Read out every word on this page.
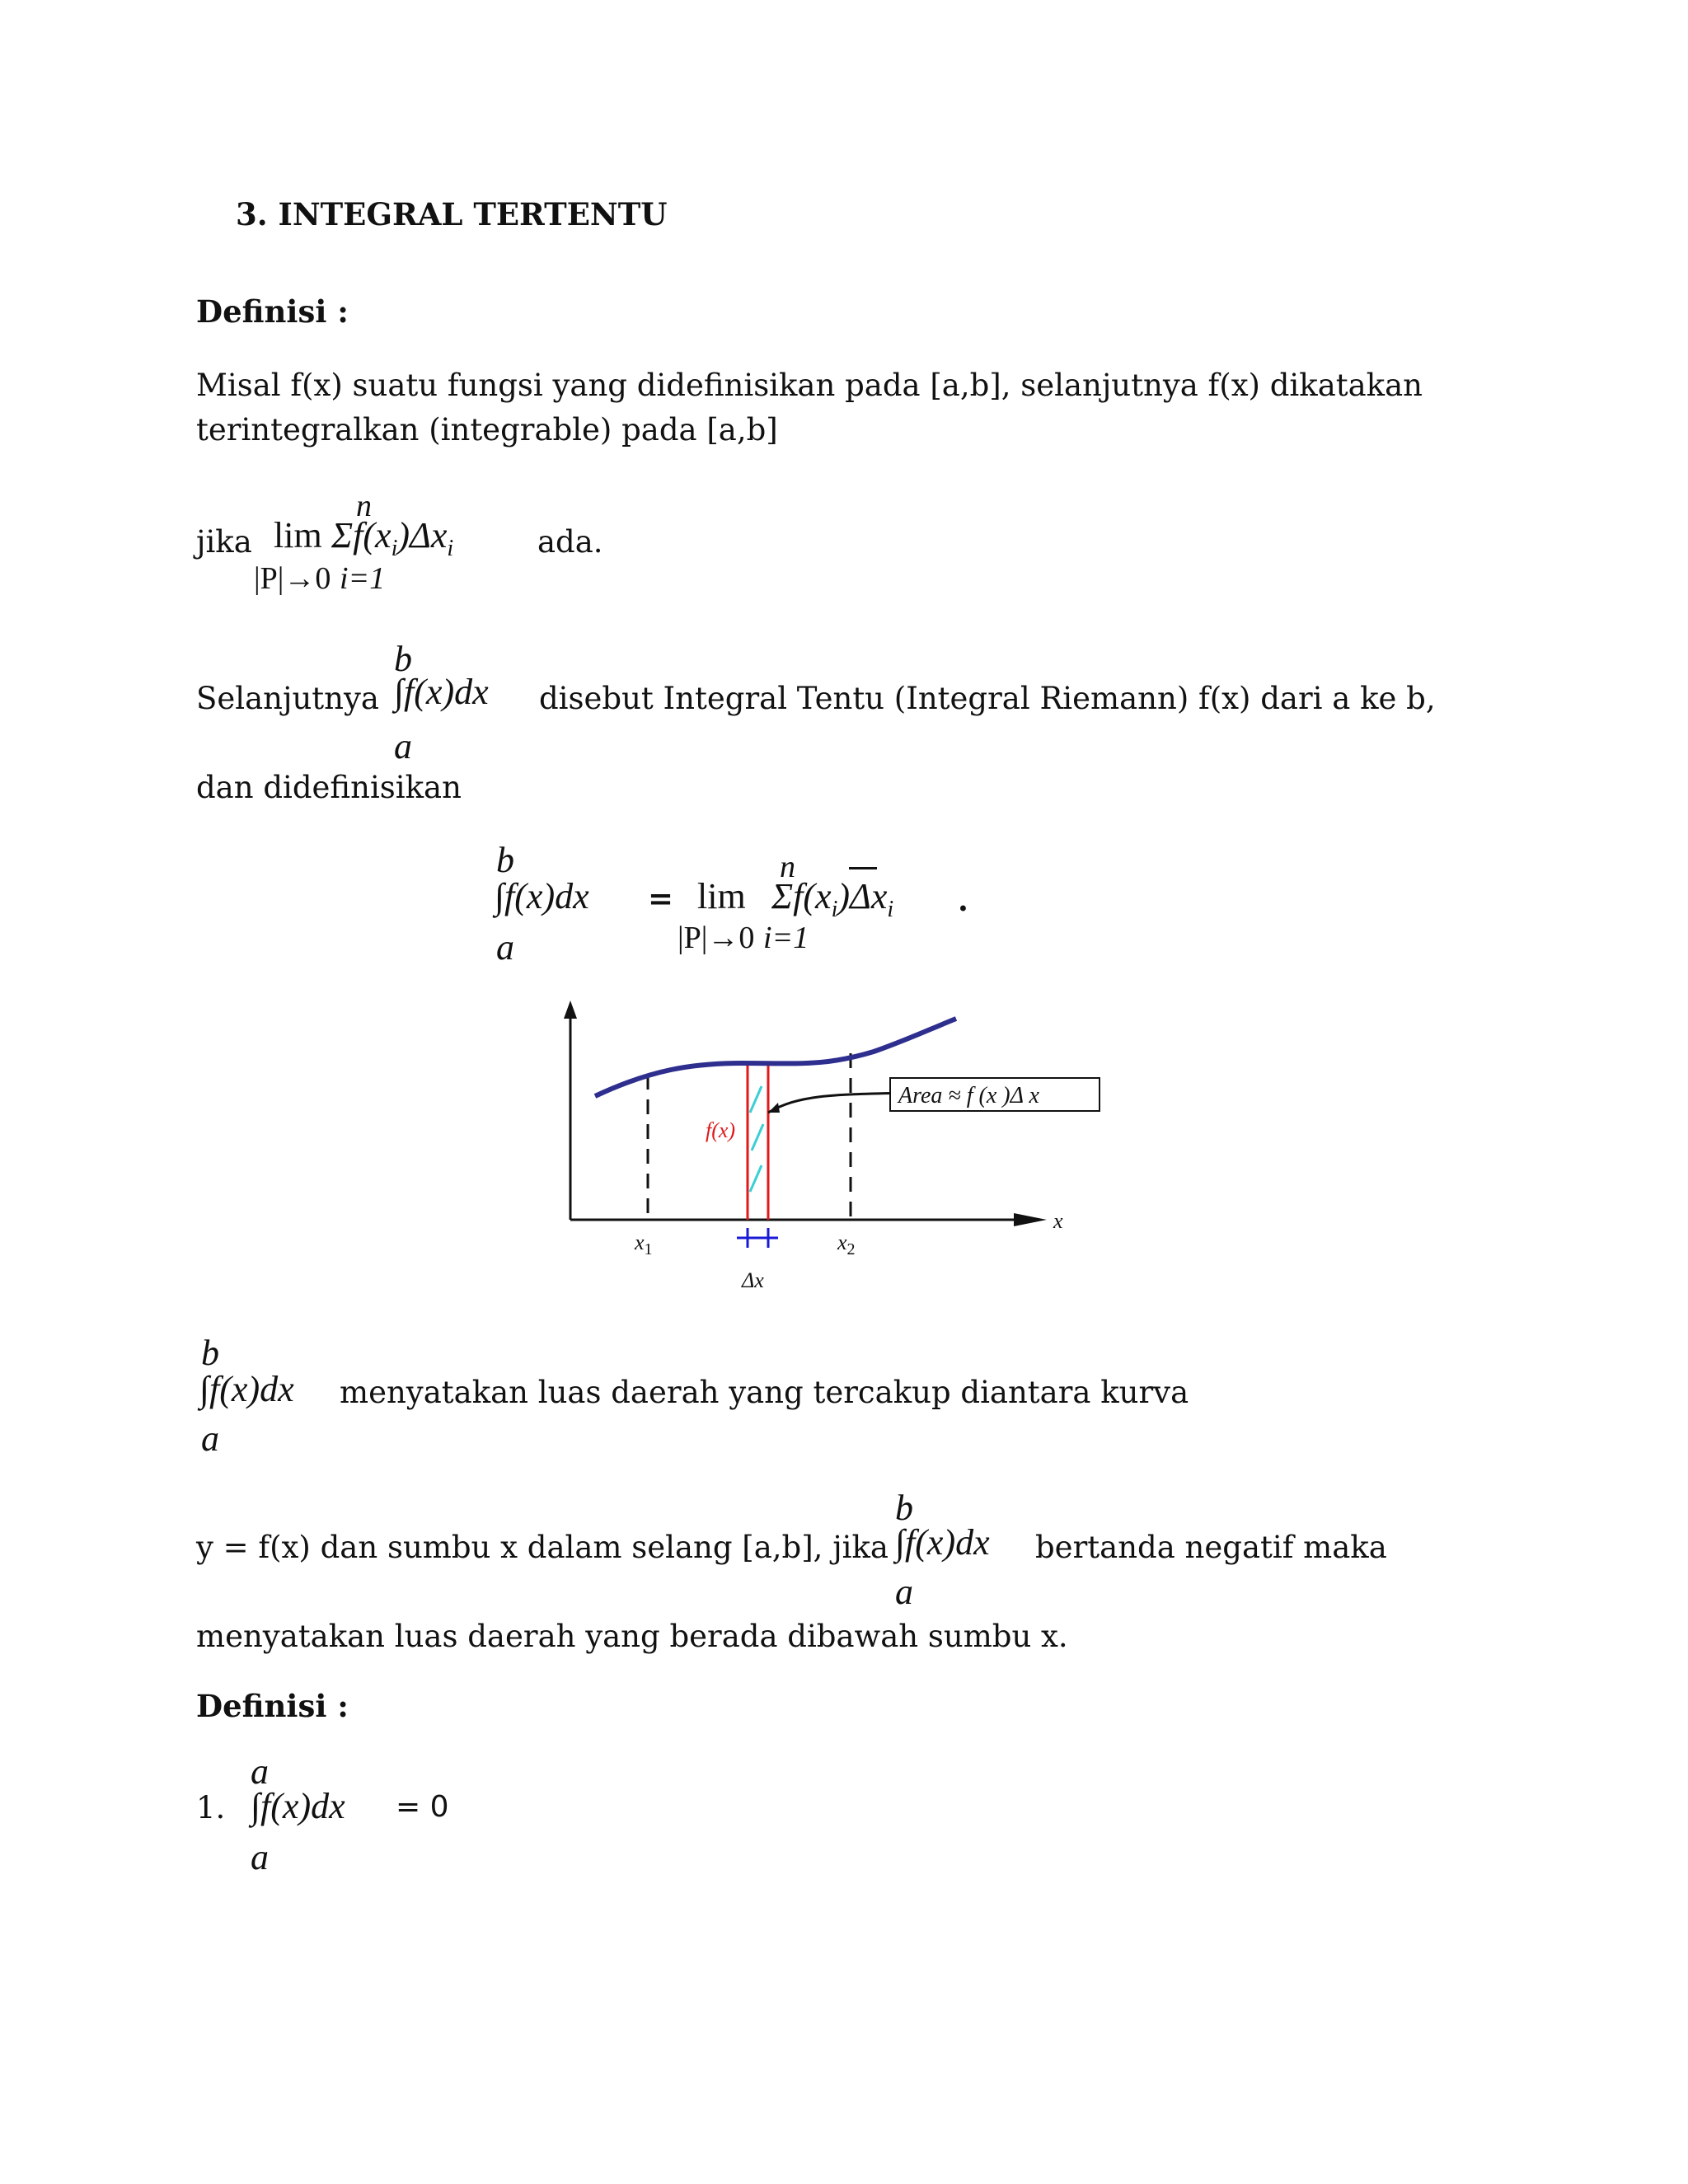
3. INTEGRAL TERTENTU
Definisi :
Misal f(x) suatu fungsi yang didefinisikan pada [a,b], selanjutnya f(x) dikatakan
terintegralkan (integrable) pada [a,b]
jika lim
|P|→0
n
i=1
$\Sigma f(x_i)\Delta x_i$	ada.
b
Selanjutnya ∫f(x)dx disebut Integral Tentu (Integral Riemann) f(x) dari a ke b,
a
dan didefinisikan
b
∫f(x)dx
a
= lim
|P|→0
n
i=1
$\Sigma f(x_i)\Delta x_i$ .
Area ≈ f (x )Δ x
f(x)
$x_1$	$x_2$
Δx
x
b
∫f(x)dx
a
menyatakan luas daerah yang tercakup diantara kurva
b
y = f(x) dan sumbu x dalam selang [a,b], jika ∫f(x)dx bertanda negatif maka
a
menyatakan luas daerah yang berada dibawah sumbu x.
Definisi :
a
1. ∫f(x)dx = 0
a
